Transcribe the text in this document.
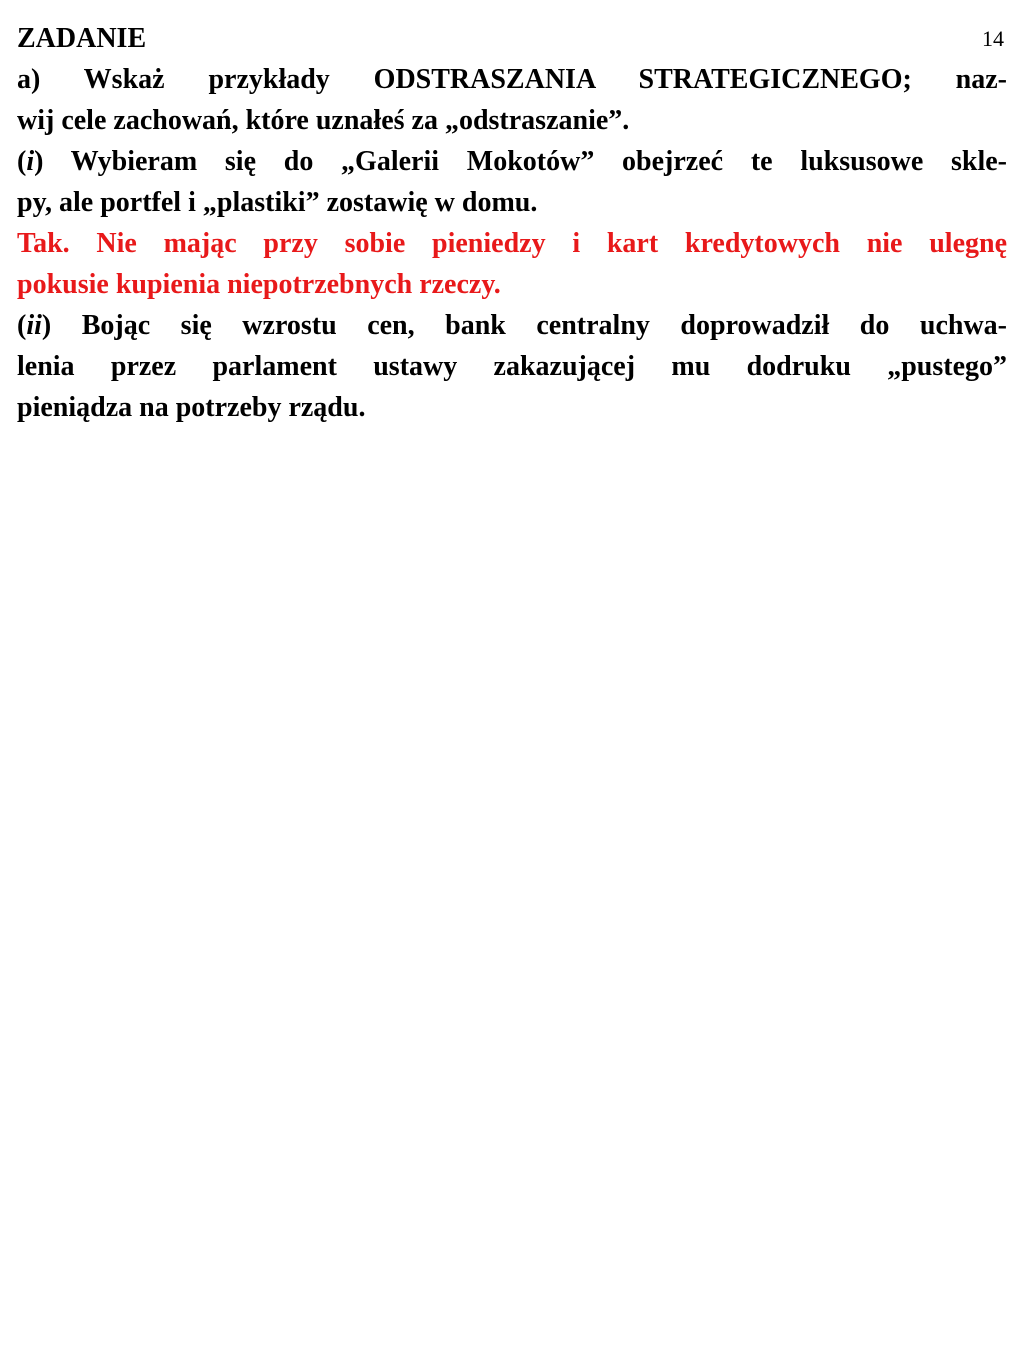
14
ZADANIE
a) Wskaż przykłady ODSTRASZANIA STRATEGICZNEGO; naz-
wij cele zachowań, które uznałeś za „odstraszanie”.
(i) Wybieram się do „Galerii Mokotów” obejrzeć te luksusowe skle-
py, ale portfel i „plastiki” zostawię w domu.
Tak. Nie mając przy sobie pieniedzy i kart kredytowych nie ulegnę
pokusie kupienia niepotrzebnych rzeczy.
(ii) Bojąc się wzrostu cen, bank centralny doprowadził do uchwa-
lenia przez parlament ustawy zakazującej mu dodruku „pustego”
pieniądza na potrzeby rządu.
